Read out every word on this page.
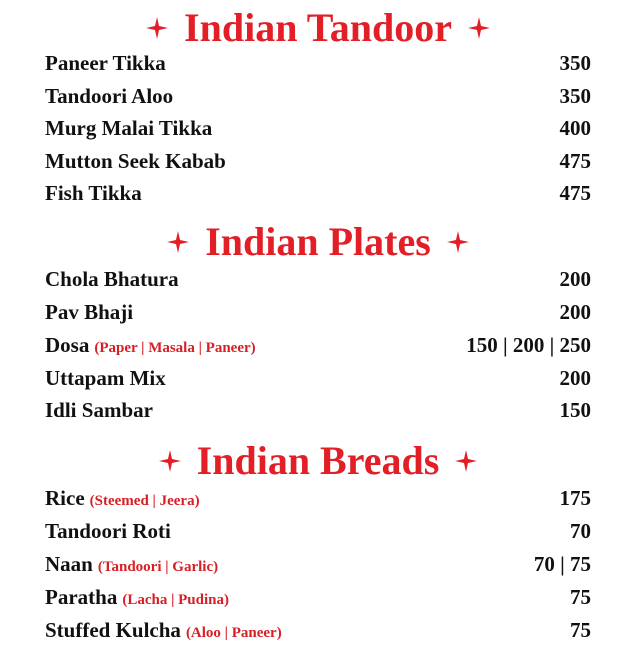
Indian Tandoor
Paneer Tikka	350
Tandoori Aloo	350
Murg Malai Tikka	400
Mutton Seek Kabab	475
Fish Tikka	475
Indian Plates
Chola Bhatura	200
Pav Bhaji	200
Dosa (Paper | Masala | Paneer)	150 | 200 | 250
Uttapam Mix	200
Idli Sambar	150
Indian Breads
Rice (Steemed | Jeera)	175
Tandoori Roti	70
Naan (Tandoori | Garlic)	70 | 75
Paratha (Lacha | Pudina)	75
Stuffed Kulcha (Aloo | Paneer)	75
